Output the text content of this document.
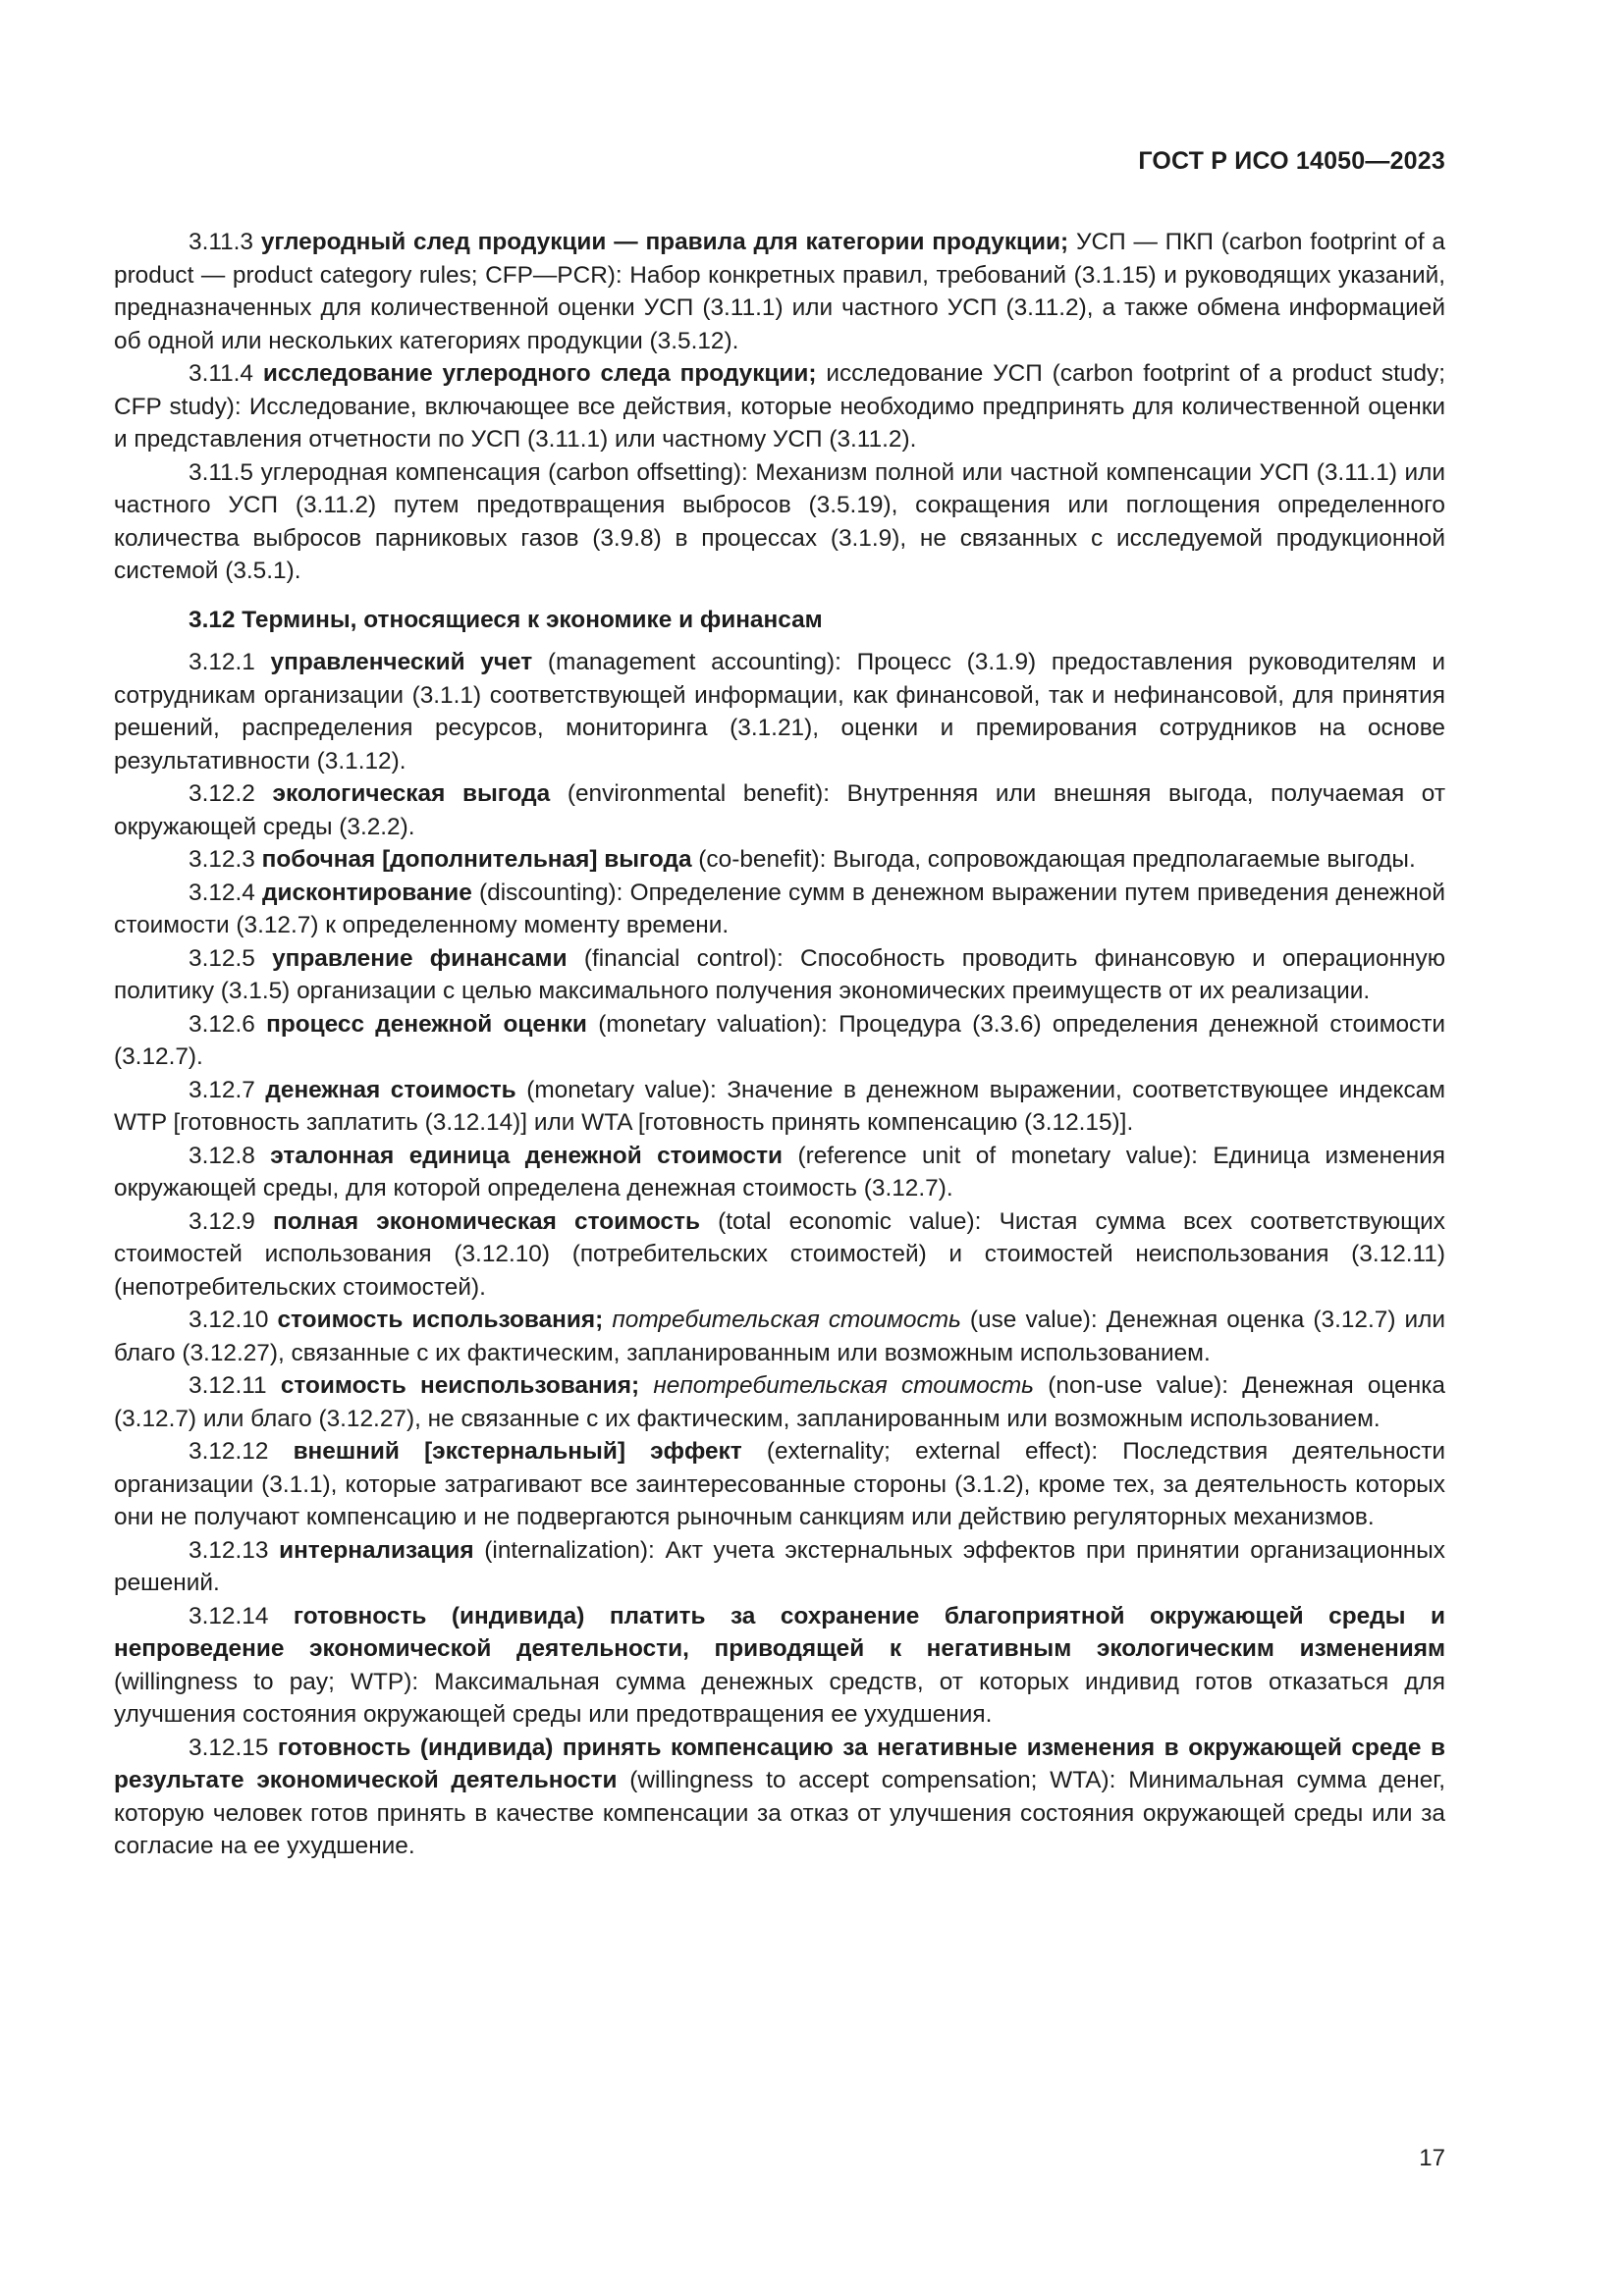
ГОСТ Р ИСО 14050—2023

3.11.3 углеродный след продукции — правила для категории продукции; УСП — ПКП (carbon footprint of a product — product category rules; CFP—PCR): Набор конкретных правил, требований (3.1.15) и руководящих указаний, предназначенных для количественной оценки УСП (3.11.1) или частного УСП (3.11.2), а также обмена информацией об одной или нескольких категориях продукции (3.5.12).

3.11.4 исследование углеродного следа продукции; исследование УСП (carbon footprint of a product study; CFP study): Исследование, включающее все действия, которые необходимо предпринять для количественной оценки и представления отчетности по УСП (3.11.1) или частному УСП (3.11.2).

3.11.5 углеродная компенсация (carbon offsetting): Механизм полной или частной компенсации УСП (3.11.1) или частного УСП (3.11.2) путем предотвращения выбросов (3.5.19), сокращения или поглощения определенного количества выбросов парниковых газов (3.9.8) в процессах (3.1.9), не связанных с исследуемой продукционной системой (3.5.1).

3.12 Термины, относящиеся к экономике и финансам

3.12.1 управленческий учет (management accounting): Процесс (3.1.9) предоставления руководителям и сотрудникам организации (3.1.1) соответствующей информации, как финансовой, так и нефинансовой, для принятия решений, распределения ресурсов, мониторинга (3.1.21), оценки и премирования сотрудников на основе результативности (3.1.12).

3.12.2 экологическая выгода (environmental benefit): Внутренняя или внешняя выгода, получаемая от окружающей среды (3.2.2).

3.12.3 побочная [дополнительная] выгода (co-benefit): Выгода, сопровождающая предполагаемые выгоды.

3.12.4 дисконтирование (discounting): Определение сумм в денежном выражении путем приведения денежной стоимости (3.12.7) к определенному моменту времени.

3.12.5 управление финансами (financial control): Способность проводить финансовую и операционную политику (3.1.5) организации с целью максимального получения экономических преимуществ от их реализации.

3.12.6 процесс денежной оценки (monetary valuation): Процедура (3.3.6) определения денежной стоимости (3.12.7).

3.12.7 денежная стоимость (monetary value): Значение в денежном выражении, соответствующее индексам WTP [готовность заплатить (3.12.14)] или WTA [готовность принять компенсацию (3.12.15)].

3.12.8 эталонная единица денежной стоимости (reference unit of monetary value): Единица изменения окружающей среды, для которой определена денежная стоимость (3.12.7).

3.12.9 полная экономическая стоимость (total economic value): Чистая сумма всех соответствующих стоимостей использования (3.12.10) (потребительских стоимостей) и стоимостей неиспользования (3.12.11) (непотребительских стоимостей).

3.12.10 стоимость использования; потребительская стоимость (use value): Денежная оценка (3.12.7) или благо (3.12.27), связанные с их фактическим, запланированным или возможным использованием.

3.12.11 стоимость неиспользования; непотребительская стоимость (non-use value): Денежная оценка (3.12.7) или благо (3.12.27), не связанные с их фактическим, запланированным или возможным использованием.

3.12.12 внешний [экстернальный] эффект (externality; external effect): Последствия деятельности организации (3.1.1), которые затрагивают все заинтересованные стороны (3.1.2), кроме тех, за деятельность которых они не получают компенсацию и не подвергаются рыночным санкциям или действию регуляторных механизмов.

3.12.13 интернализация (internalization): Акт учета экстернальных эффектов при принятии организационных решений.

3.12.14 готовность (индивида) платить за сохранение благоприятной окружающей среды и непроведение экономической деятельности, приводящей к негативным экологическим изменениям (willingness to pay; WTP): Максимальная сумма денежных средств, от которых индивид готов отказаться для улучшения состояния окружающей среды или предотвращения ее ухудшения.

3.12.15 готовность (индивида) принять компенсацию за негативные изменения в окружающей среде в результате экономической деятельности (willingness to accept compensation; WTA): Минимальная сумма денег, которую человек готов принять в качестве компенсации за отказ от улучшения состояния окружающей среды или за согласие на ее ухудшение.

17
